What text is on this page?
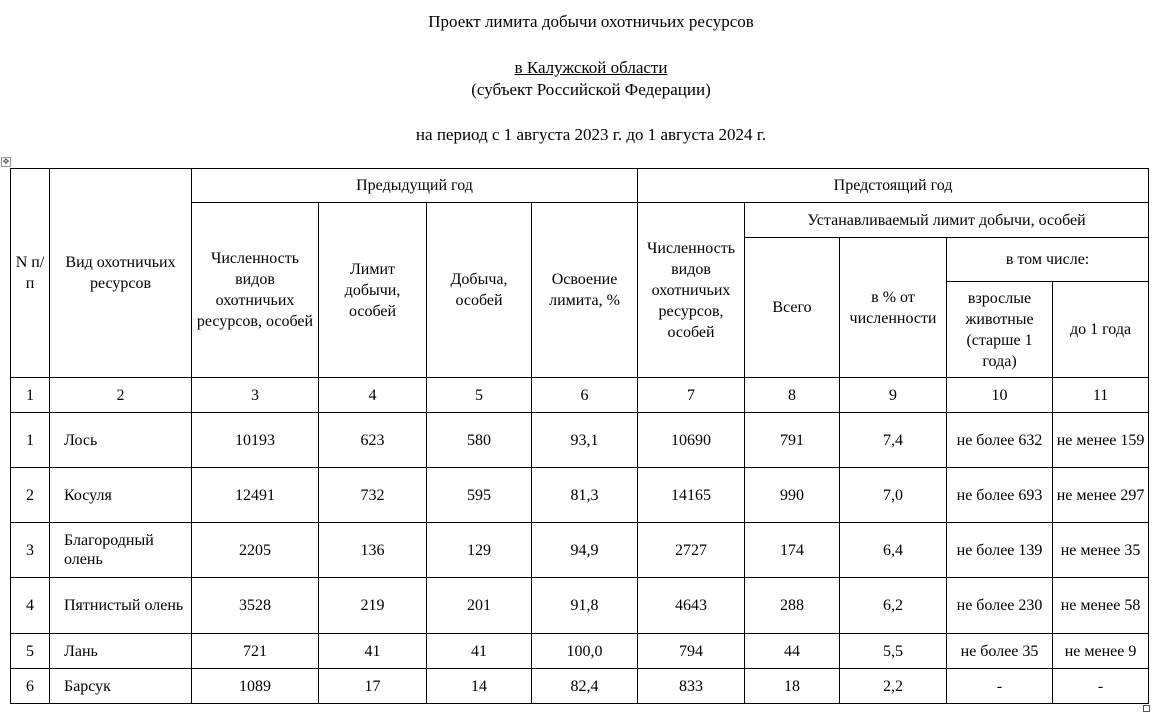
Проект лимита добычи охотничьих ресурсов
в Калужской области
(субъект Российской Федерации)
на период с 1 августа 2023 г. до 1 августа 2024 г.
✥
N п/п	Вид охотничьих ресурсов	Предыдущий год				Предстоящий год				
		Численность видов охотничьих ресурсов, особей	Лимит добычи, особей	Добыча, особей	Освоение лимита, %	Численность видов охотничьих ресурсов, особей	Устанавливаемый лимит добычи, особей			
							Всего	в % от численности	в том числе:	
									взрослые животные (старше 1 года)	до 1 года
1	2	3	4	5	6	7	8	9	10	11
1	Лось	10193	623	580	93,1	10690	791	7,4	не более 632	не менее 159
2	Косуля	12491	732	595	81,3	14165	990	7,0	не более 693	не менее 297
3	Благородный олень	2205	136	129	94,9	2727	174	6,4	не более 139	не менее 35
4	Пятнистый олень	3528	219	201	91,8	4643	288	6,2	не более 230	не менее 58
5	Лань	721	41	41	100,0	794	44	5,5	не более 35	не менее 9
6	Барсук	1089	17	14	82,4	833	18	2,2	-	-
